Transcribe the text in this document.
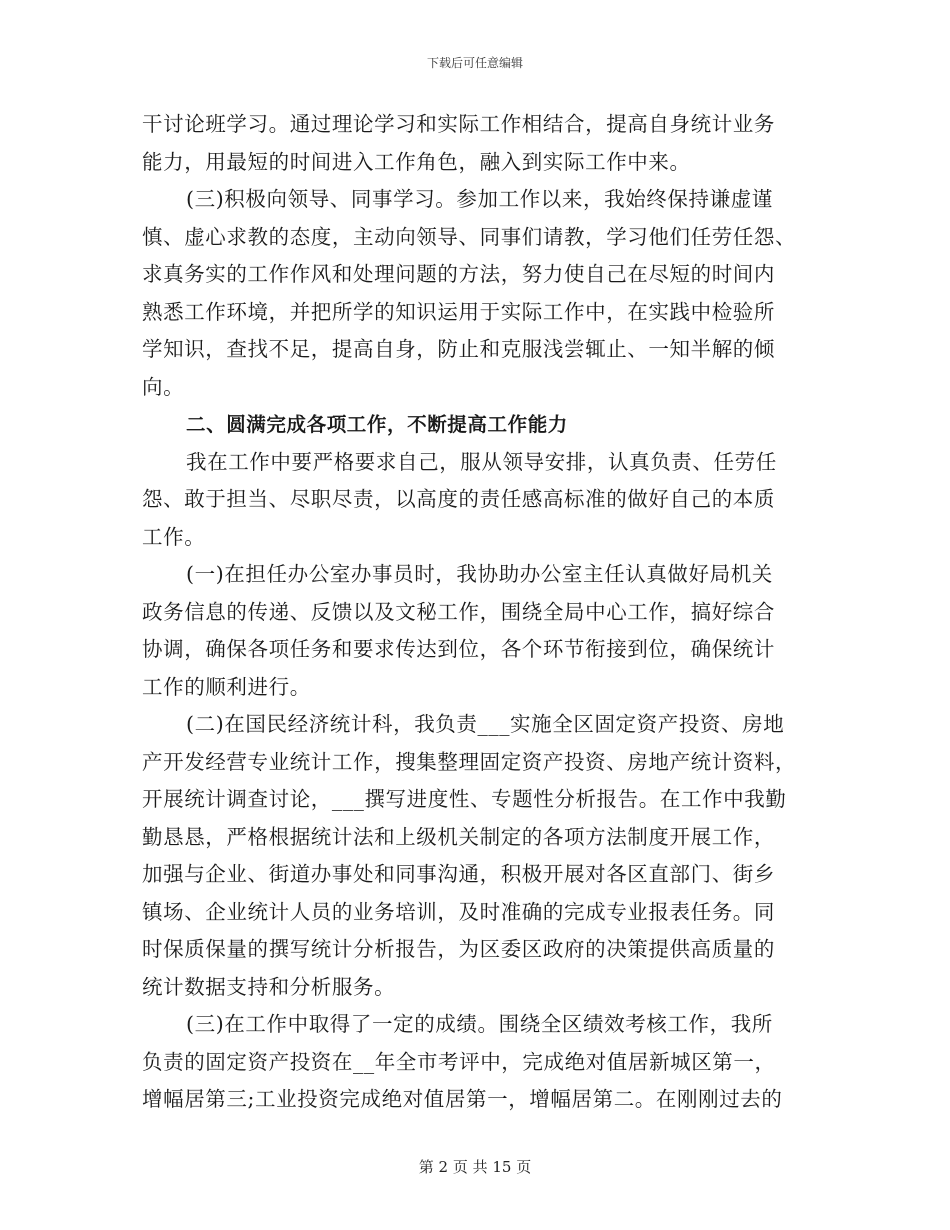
下载后可任意编辑
干讨论班学习。通过理论学习和实际工作相结合，提高自身统计业务
能力，用最短的时间进入工作角色，融入到实际工作中来。
(三)积极向领导、同事学习。参加工作以来，我始终保持谦虚谨
慎、虚心求教的态度，主动向领导、同事们请教，学习他们任劳任怨、
求真务实的工作作风和处理问题的方法，努力使自己在尽短的时间内
熟悉工作环境，并把所学的知识运用于实际工作中，在实践中检验所
学知识，查找不足，提高自身，防止和克服浅尝辄止、一知半解的倾
向。
二、圆满完成各项工作，不断提高工作能力
我在工作中要严格要求自己，服从领导安排，认真负责、任劳任
怨、敢于担当、尽职尽责，以高度的责任感高标准的做好自己的本质
工作。
(一)在担任办公室办事员时，我协助办公室主任认真做好局机关
政务信息的传递、反馈以及文秘工作，围绕全局中心工作，搞好综合
协调，确保各项任务和要求传达到位，各个环节衔接到位，确保统计
工作的顺利进行。
(二)在国民经济统计科，我负责___实施全区固定资产投资、房地
产开发经营专业统计工作，搜集整理固定资产投资、房地产统计资料，
开展统计调查讨论，___撰写进度性、专题性分析报告。在工作中我勤
勤恳恳，严格根据统计法和上级机关制定的各项方法制度开展工作，
加强与企业、街道办事处和同事沟通，积极开展对各区直部门、街乡
镇场、企业统计人员的业务培训，及时准确的完成专业报表任务。同
时保质保量的撰写统计分析报告，为区委区政府的决策提供高质量的
统计数据支持和分析服务。
(三)在工作中取得了一定的成绩。围绕全区绩效考核工作，我所
负责的固定资产投资在__年全市考评中，完成绝对值居新城区第一，
增幅居第三;工业投资完成绝对值居第一，增幅居第二。在刚刚过去的
第 2 页 共 15 页
